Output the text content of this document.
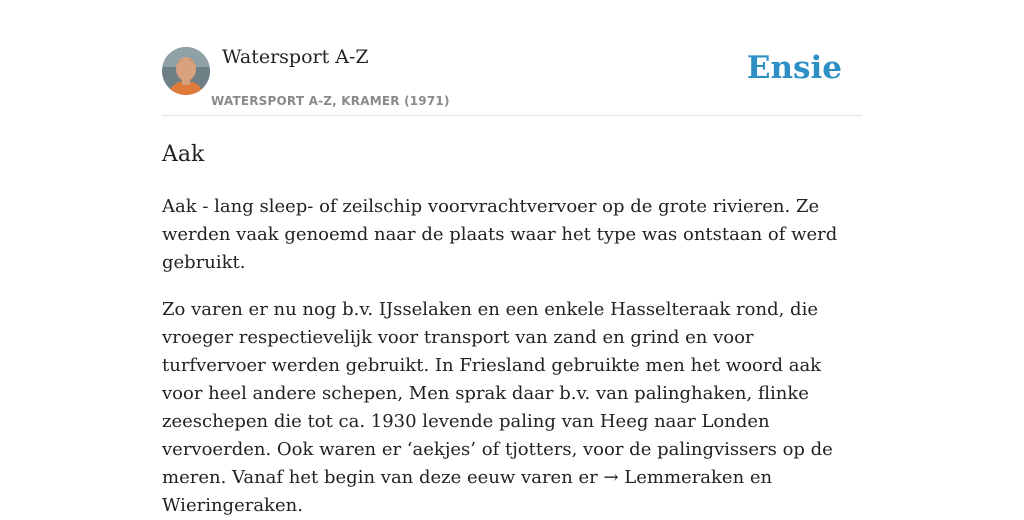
Watersport A-Z
WATERSPORT A-Z, KRAMER (1971)
Ensie
Aak

Aak - lang sleep- of zeilschip voorvrachtvervoer op de grote rivieren. Ze werden vaak genoemd naar de plaats waar het type was ontstaan of werd gebruikt.

Zo varen er nu nog b.v. IJsselaken en een enkele Hasselteraak rond, die vroeger respectievelijk voor transport van zand en grind en voor turfvervoer werden gebruikt. In Friesland gebruikte men het woord aak voor heel andere schepen, Men sprak daar b.v. van palinghaken, flinke zeeschepen die tot ca. 1930 levende paling van Heeg naar Londen vervoerden. Ook waren er ‘aekjes’ of tjotters, voor de palingvissers op de meren. Vanaf het begin van deze eeuw varen er → Lemmeraken en Wieringeraken.
